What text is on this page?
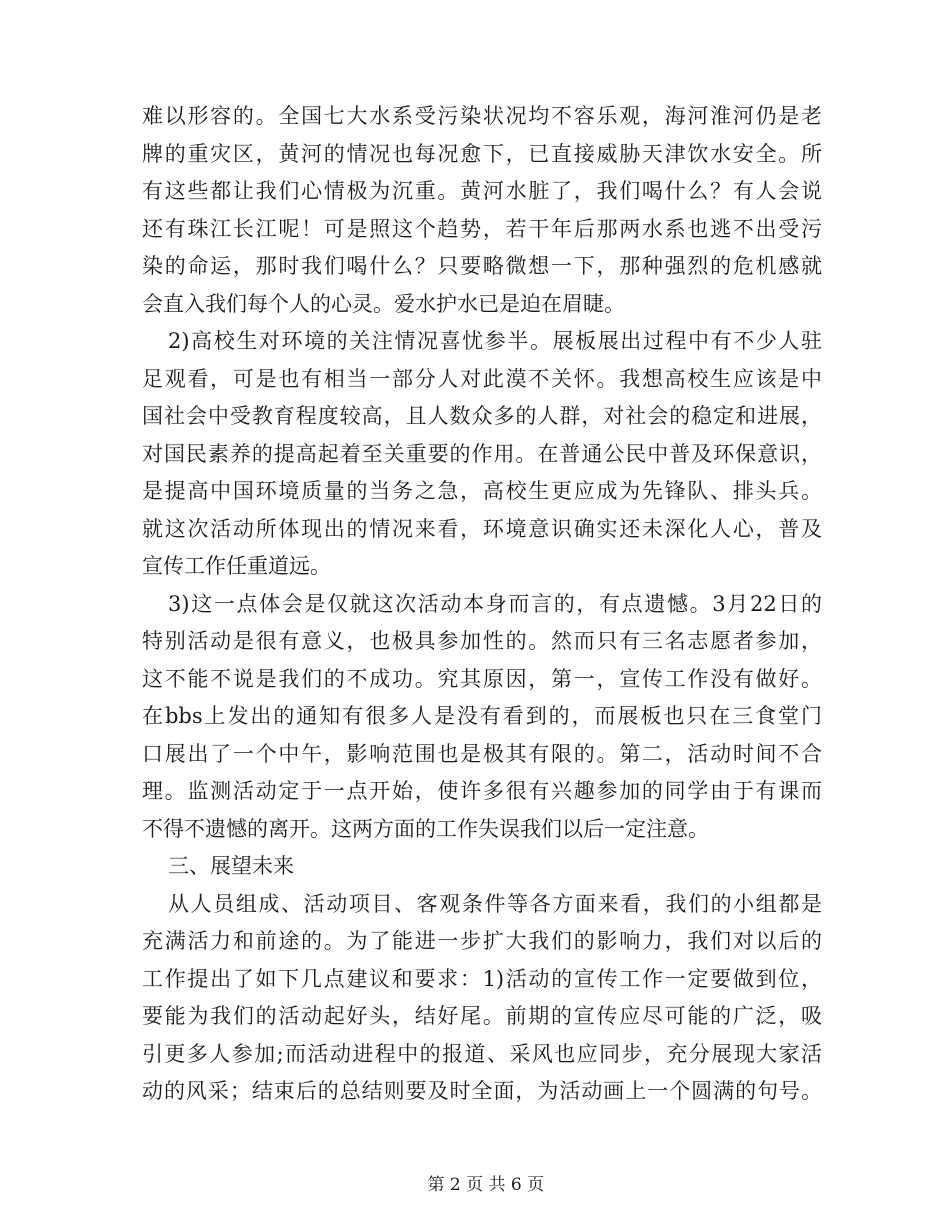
难以形容的。全国七大水系受污染状况均不容乐观，海河淮河仍是老
牌的重灾区，黄河的情况也每况愈下，已直接威胁天津饮水安全。所
有这些都让我们心情极为沉重。黄河水脏了，我们喝什么？有人会说
还有珠江长江呢！可是照这个趋势，若干年后那两水系也逃不出受污
染的命运，那时我们喝什么？只要略微想一下，那种强烈的危机感就
会直入我们每个人的心灵。爱水护水已是迫在眉睫。
2)高校生对环境的关注情况喜忧参半。展板展出过程中有不少人驻
足观看，可是也有相当一部分人对此漠不关怀。我想高校生应该是中
国社会中受教育程度较高，且人数众多的人群，对社会的稳定和进展，
对国民素养的提高起着至关重要的作用。在普通公民中普及环保意识，
是提高中国环境质量的当务之急，高校生更应成为先锋队、排头兵。
就这次活动所体现出的情况来看，环境意识确实还未深化人心，普及
宣传工作任重道远。
3)这一点体会是仅就这次活动本身而言的，有点遗憾。3月22日的
特别活动是很有意义，也极具参加性的。然而只有三名志愿者参加，
这不能不说是我们的不成功。究其原因，第一，宣传工作没有做好。
在bbs上发出的通知有很多人是没有看到的，而展板也只在三食堂门
口展出了一个中午，影响范围也是极其有限的。第二，活动时间不合
理。监测活动定于一点开始，使许多很有兴趣参加的同学由于有课而
不得不遗憾的离开。这两方面的工作失误我们以后一定注意。
三、展望未来
从人员组成、活动项目、客观条件等各方面来看，我们的小组都是
充满活力和前途的。为了能进一步扩大我们的影响力，我们对以后的
工作提出了如下几点建议和要求：1)活动的宣传工作一定要做到位，
要能为我们的活动起好头，结好尾。前期的宣传应尽可能的广泛，吸
引更多人参加;而活动进程中的报道、采风也应同步，充分展现大家活
动的风采；结束后的总结则要及时全面，为活动画上一个圆满的句号。

第 2 页 共 6 页
